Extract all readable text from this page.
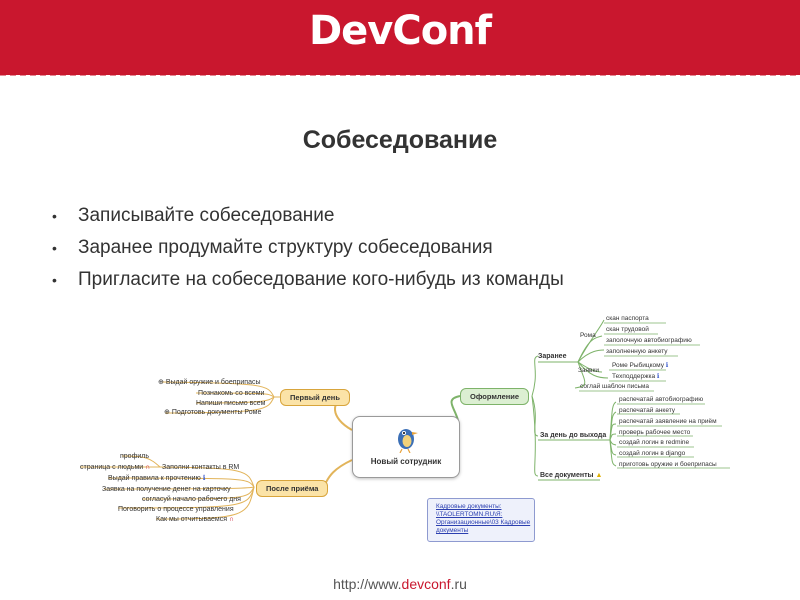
DevConf
Собеседование
• Записывайте собеседование
• Заранее продумайте структуру собеседования
• Пригласите на собеседование кого-нибудь из команды
Первый день
⊕ Выдай оружие и боеприпасы
Познакомь со всеми
Напиши письмо всем
⊕ Подготовь документы Роме
После приёма
Заполни контакты в RM
Выдай правила к прочтению ℹ
Заявка на получение денег на карточку
согласуй начало рабочего дня
Поговорить о процессе управления
Как мы отчитываемся ∩
профиль
страница с людьми ∩
Новый сотрудник
Оформление
Заранее
За день до выхода
Все документы ▲
Рома
Заявки
скан паспорта
скан трудовой
заполочную автобиографию
заполненную анкету
Роме Рыбицкому ℹ
Техподдержка ℹ
соглай шаблон письма
распечатай автобиографию
распечатай анкету
распечатай заявление на приём
проверь рабочее место
создай логин в redmine
создай логин в django
приготовь оружие и боеприпасы
Кадровые документы:
\\TAOLERTOMN.RU\Я:
Организационные\03 Кадровые
документы
http://www.devconf.ru
